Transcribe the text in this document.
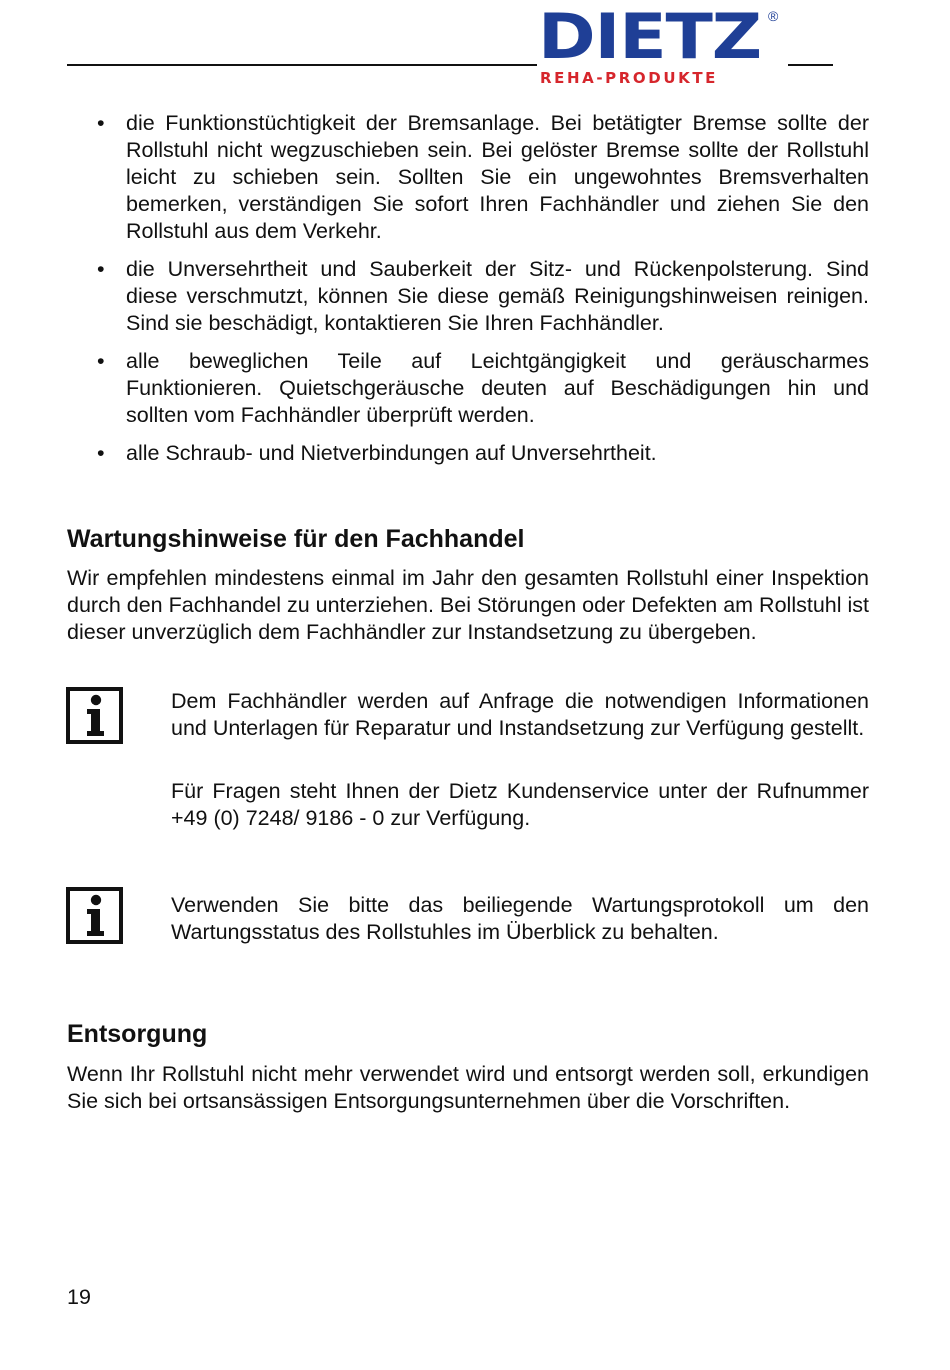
DIETZ ®
REHA-PRODUKTE
• die Funktionstüchtigkeit der Bremsanlage. Bei betätigter Bremse sollte der Rollstuhl nicht wegzuschieben sein. Bei gelöster Bremse sollte der Rollstuhl leicht zu schieben sein. Sollten Sie ein ungewohntes Bremsverhalten bemerken, verständigen Sie sofort Ihren Fachhändler und ziehen Sie den Rollstuhl aus dem Verkehr.
• die Unversehrtheit und Sauberkeit der Sitz- und Rückenpolsterung. Sind diese verschmutzt, können Sie diese gemäß Reinigungshinweisen reinigen. Sind sie beschädigt, kontaktieren Sie Ihren Fachhändler.
• alle beweglichen Teile auf Leichtgängigkeit und geräuscharmes Funktionieren. Quietschgeräusche deuten auf Beschädigungen hin und sollten vom Fachhändler überprüft werden.
• alle Schraub- und Nietverbindungen auf Unversehrtheit.
Wartungshinweise für den Fachhandel

Wir empfehlen mindestens einmal im Jahr den gesamten Rollstuhl einer Inspektion durch den Fachhandel zu unterziehen. Bei Störungen oder Defekten am Rollstuhl ist dieser unverzüglich dem Fachhändler zur Instandsetzung zu übergeben.

Dem Fachhändler werden auf Anfrage die notwendigen Informationen und Unterlagen für Reparatur und Instandsetzung zur Verfügung gestellt.

Für Fragen steht Ihnen der Dietz Kundenservice unter der Rufnummer +49 (0) 7248/ 9186 - 0 zur Verfügung.

Verwenden Sie bitte das beiliegende Wartungsprotokoll um den Wartungsstatus des Rollstuhles im Überblick zu behalten.

Entsorgung

Wenn Ihr Rollstuhl nicht mehr verwendet wird und entsorgt werden soll, erkundigen Sie sich bei ortsansässigen Entsorgungsunternehmen über die Vorschriften.

19
